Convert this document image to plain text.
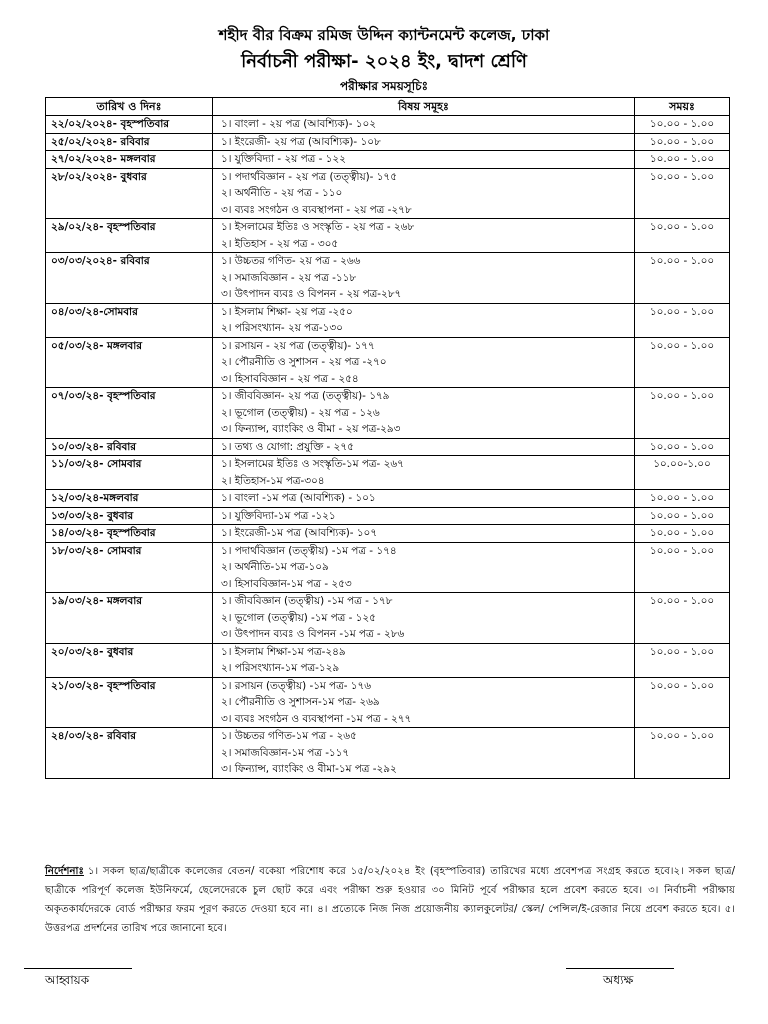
শহীদ বীর বিক্রম রমিজ উদ্দিন ক্যান্টনমেন্ট কলেজ, ঢাকা
নির্বাচনী পরীক্ষা- ২০২৪ ইং, দ্বাদশ শ্রেণি
পরীক্ষার সময়সূচিঃ
তারিখ ও দিনঃ	বিষয় সমূহঃ	সময়ঃ

২২/০২/২০২৪- বৃহস্পতিবার	১। বাংলা - ২য় পত্র (আবশ্যিক)- ১০২	১০.০০ - ১.০০

২৫/০২/২০২৪- রবিবার	১। ইংরেজী- ২য় পত্র (আবশ্যিক)- ১০৮	১০.০০ - ১.০০

২৭/০২/২০২৪- মঙ্গলবার	১। যুক্তিবিদ্যা - ২য় পত্র - ১২২	১০.০০ - ১.০০

২৮/০২/২০২৪- বুধবার	১। পদার্থবিজ্ঞান - ২য় পত্র (তত্ত্বীয়)- ১৭৫
২। অর্থনীতি - ২য় পত্র - ১১০
৩। ব্যবঃ সংগঠন ও ব্যবস্থাপনা - ২য় পত্র -২৭৮	১০.০০ - ১.০০

২৯/০২/২৪- বৃহস্পতিবার	১। ইসলামের ইতিঃ ও সংস্কৃতি - ২য় পত্র - ২৬৮
২। ইতিহাস - ২য় পত্র - ৩০৫	১০.০০ - ১.০০

০৩/০৩/২০২৪- রবিবার	১। উচ্চতর গণিত- ২য় পত্র - ২৬৬
২। সমাজবিজ্ঞান - ২য় পত্র -১১৮
৩। উৎপাদন ব্যবঃ ও বিপনন - ২য় পত্র-২৮৭	১০.০০ - ১.০০

০৪/০৩/২৪-সোমবার	১। ইসলাম শিক্ষা- ২য় পত্র -২৫০
২। পরিসংখ্যান- ২য় পত্র-১৩০	১০.০০ - ১.০০

০৫/০৩/২৪- মঙ্গলবার	১। রসায়ন - ২য় পত্র (তত্ত্বীয়)- ১৭৭
২। পৌরনীতি ও সুশাসন - ২য় পত্র -২৭০
৩। হিসাববিজ্ঞান - ২য় পত্র - ২৫৪	১০.০০ - ১.০০

০৭/০৩/২৪- বৃহস্পতিবার	১। জীববিজ্ঞান- ২য় পত্র (তত্ত্বীয়)- ১৭৯
২। ভূগোল (তত্ত্বীয়) - ২য় পত্র - ১২৬
৩। ফিন্যান্স, ব্যাংকিং ও বীমা - ২য় পত্র-২৯৩	১০.০০ - ১.০০

১০/০৩/২৪- রবিবার	১। তথ্য ও যোগা: প্রযুক্তি - ২৭৫	১০.০০ - ১.০০

১১/০৩/২৪- সোমবার	১। ইসলামের ইতিঃ ও সংস্কৃতি-১ম পত্র- ২৬৭
২। ইতিহাস-১ম পত্র-৩০৪	১০.০০-১.০০

১২/০৩/২৪-মঙ্গলবার	১। বাংলা -১ম পত্র (আবশ্যিক) - ১০১	১০.০০ - ১.০০

১৩/০৩/২৪- বুধবার	১। যুক্তিবিদ্যা-১ম পত্র -১২১	১০.০০ - ১.০০

১৪/০৩/২৪- বৃহস্পতিবার	১। ইংরেজী-১ম পত্র (আবশ্যিক)- ১০৭	১০.০০ - ১.০০

১৮/০৩/২৪- সোমবার	১। পদার্থবিজ্ঞান (তত্ত্বীয়) -১ম পত্র - ১৭৪
২। অর্থনীতি-১ম পত্র-১০৯
৩। হিসাববিজ্ঞান-১ম পত্র - ২৫৩	১০.০০ - ১.০০

১৯/০৩/২৪- মঙ্গলবার	১। জীববিজ্ঞান (তত্ত্বীয়) -১ম পত্র - ১৭৮
২। ভূগোল (তত্ত্বীয়) -১ম পত্র - ১২৫
৩। উৎপাদন ব্যবঃ ও বিপনন -১ম পত্র - ২৮৬	১০.০০ - ১.০০

২০/০৩/২৪- বুধবার	১। ইসলাম শিক্ষা-১ম পত্র-২৪৯
২। পরিসংখ্যান-১ম পত্র-১২৯	১০.০০ - ১.০০

২১/০৩/২৪- বৃহস্পতিবার	১। রসায়ন (তত্ত্বীয়) -১ম পত্র- ১৭৬
২। পৌরনীতি ও সুশাসন-১ম পত্র- ২৬৯
৩। ব্যবঃ সংগঠন ও ব্যবস্থাপনা -১ম পত্র - ২৭৭	১০.০০ - ১.০০

২৪/০৩/২৪- রবিবার	১। উচ্চতর গণিত-১ম পত্র - ২৬৫
২। সমাজবিজ্ঞান-১ম পত্র -১১৭
৩। ফিন্যান্স, ব্যাংকিং ও বীমা-১ম পত্র -২৯২	১০.০০ - ১.০০
নির্দেশনাঃ ১। সকল ছাত্র/ছাত্রীকে কলেজের বেতন/ বকেয়া পরিশোধ করে ১৫/০২/২০২৪ ইং (বৃহস্পতিবার) তারিখের মধ্যে প্রবেশপত্র সংগ্রহ করতে হবে।২। সকল ছাত্র/ছাত্রীকে পরিপূর্ণ কলেজ ইউনিফর্মে, ছেলেদেরকে চুল ছোট করে এবং পরীক্ষা শুরু হওয়ার ৩০ মিনিট পূর্বে পরীক্ষার হলে প্রবেশ করতে হবে। ৩। নির্বাচনী পরীক্ষায় অকৃতকার্যদেরকে বোর্ড পরীক্ষার ফরম পূরণ করতে দেওয়া হবে না। ৪। প্রত্যেকে নিজ নিজ প্রয়োজনীয় ক্যালকুলেটর/ স্কেল/ পেন্সিল/ই-রেজার নিয়ে প্রবেশ করতে হবে। ৫। উত্তরপত্র প্রদর্শনের তারিখ পরে জানানো হবে।
আহ্বায়ক	অধ্যক্ষ
